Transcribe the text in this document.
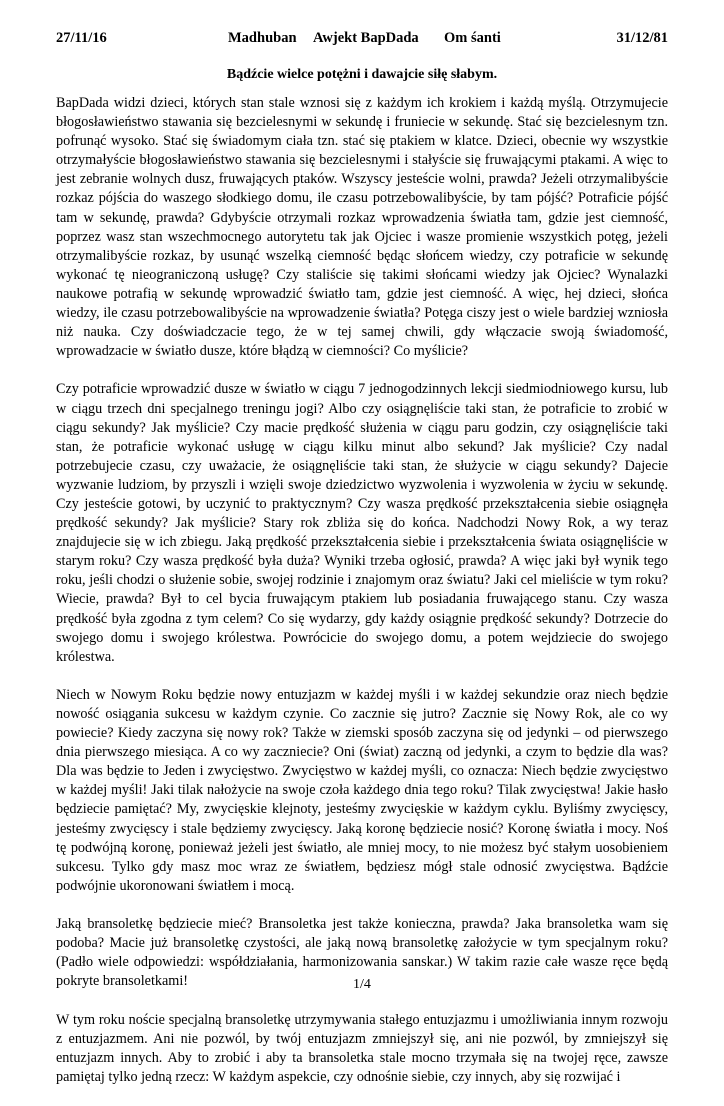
27/11/16	Madhuban Awjekt BapDada Om śanti	31/12/81
Bądźcie wielce potężni i dawajcie siłę słabym.

BapDada widzi dzieci, których stan stale wznosi się z każdym ich krokiem i każdą myślą. Otrzymujecie błogosławieństwo stawania się bezcielesnymi w sekundę i fruniecie w sekundę. Stać się bezcielesnym tzn. pofrunąć wysoko. Stać się świadomym ciała tzn. stać się ptakiem w klatce. Dzieci, obecnie wy wszystkie otrzymałyście błogosławieństwo stawania się bezcielesnymi i stałyście się fruwającymi ptakami. A więc to jest zebranie wolnych dusz, fruwających ptaków. Wszyscy jesteście wolni, prawda? Jeżeli otrzymalibyście rozkaz pójścia do waszego słodkiego domu, ile czasu potrzebowalibyście, by tam pójść? Potraficie pójść tam w sekundę, prawda? Gdybyście otrzymali rozkaz wprowadzenia światła tam, gdzie jest ciemność, poprzez wasz stan wszechmocnego autorytetu tak jak Ojciec i wasze promienie wszystkich potęg, jeżeli otrzymalibyście rozkaz, by usunąć wszelką ciemność będąc słońcem wiedzy, czy potraficie w sekundę wykonać tę nieograniczoną usługę? Czy staliście się takimi słońcami wiedzy jak Ojciec? Wynalazki naukowe potrafią w sekundę wprowadzić światło tam, gdzie jest ciemność. A więc, hej dzieci, słońca wiedzy, ile czasu potrzebowalibyście na wprowadzenie światła? Potęga ciszy jest o wiele bardziej wzniosła niż nauka. Czy doświadczacie tego, że w tej samej chwili, gdy włączacie swoją świadomość, wprowadzacie w światło dusze, które błądzą w ciemności? Co myślicie?

Czy potraficie wprowadzić dusze w światło w ciągu 7 jednogodzinnych lekcji siedmiodniowego kursu, lub w ciągu trzech dni specjalnego treningu jogi? Albo czy osiągnęliście taki stan, że potraficie to zrobić w ciągu sekundy? Jak myślicie? Czy macie prędkość służenia w ciągu paru godzin, czy osiągnęliście taki stan, że potraficie wykonać usługę w ciągu kilku minut albo sekund? Jak myślicie? Czy nadal potrzebujecie czasu, czy uważacie, że osiągnęliście taki stan, że służycie w ciągu sekundy? Dajecie wyzwanie ludziom, by przyszli i wzięli swoje dziedzictwo wyzwolenia i wyzwolenia w życiu w sekundę. Czy jesteście gotowi, by uczynić to praktycznym? Czy wasza prędkość przekształcenia siebie osiągnęła prędkość sekundy? Jak myślicie? Stary rok zbliża się do końca. Nadchodzi Nowy Rok, a wy teraz znajdujecie się w ich zbiegu. Jaką prędkość przekształcenia siebie i przekształcenia świata osiągnęliście w starym roku? Czy wasza prędkość była duża? Wyniki trzeba ogłosić, prawda? A więc jaki był wynik tego roku, jeśli chodzi o służenie sobie, swojej rodzinie i znajomym oraz światu? Jaki cel mieliście w tym roku? Wiecie, prawda? Był to cel bycia fruwającym ptakiem lub posiadania fruwającego stanu. Czy wasza prędkość była zgodna z tym celem? Co się wydarzy, gdy każdy osiągnie prędkość sekundy? Dotrzecie do swojego domu i swojego królestwa. Powrócicie do swojego domu, a potem wejdziecie do swojego królestwa.

Niech w Nowym Roku będzie nowy entuzjazm w każdej myśli i w każdej sekundzie oraz niech będzie nowość osiągania sukcesu w każdym czynie. Co zacznie się jutro? Zacznie się Nowy Rok, ale co wy powiecie? Kiedy zaczyna się nowy rok? Także w ziemski sposób zaczyna się od jedynki – od pierwszego dnia pierwszego miesiąca. A co wy zaczniecie? Oni (świat) zaczną od jedynki, a czym to będzie dla was? Dla was będzie to Jeden i zwycięstwo. Zwycięstwo w każdej myśli, co oznacza: Niech będzie zwycięstwo w każdej myśli! Jaki tilak nałożycie na swoje czoła każdego dnia tego roku? Tilak zwycięstwa! Jakie hasło będziecie pamiętać? My, zwycięskie klejnoty, jesteśmy zwycięskie w każdym cyklu. Byliśmy zwycięscy, jesteśmy zwycięscy i stale będziemy zwycięscy. Jaką koronę będziecie nosić? Koronę światła i mocy. Noś tę podwójną koronę, ponieważ jeżeli jest światło, ale mniej mocy, to nie możesz być stałym uosobieniem sukcesu. Tylko gdy masz moc wraz ze światłem, będziesz mógł stale odnosić zwycięstwa. Bądźcie podwójnie ukoronowani światłem i mocą.

Jaką bransoletkę będziecie mieć? Bransoletka jest także konieczna, prawda? Jaka bransoletka wam się podoba? Macie już bransoletkę czystości, ale jaką nową bransoletkę założycie w tym specjalnym roku? (Padło wiele odpowiedzi: współdziałania, harmonizowania sanskar.) W takim razie całe wasze ręce będą pokryte bransoletkami!

W tym roku noście specjalną bransoletkę utrzymywania stałego entuzjazmu i umożliwiania innym rozwoju z entuzjazmem. Ani nie pozwól, by twój entuzjazm zmniejszył się, ani nie pozwól, by zmniejszył się entuzjazm innych. Aby to zrobić i aby ta bransoletka stale mocno trzymała się na twojej ręce, zawsze pamiętaj tylko jedną rzecz: W każdym aspekcie, czy odnośnie siebie, czy innych, aby się rozwijać i

1/4
